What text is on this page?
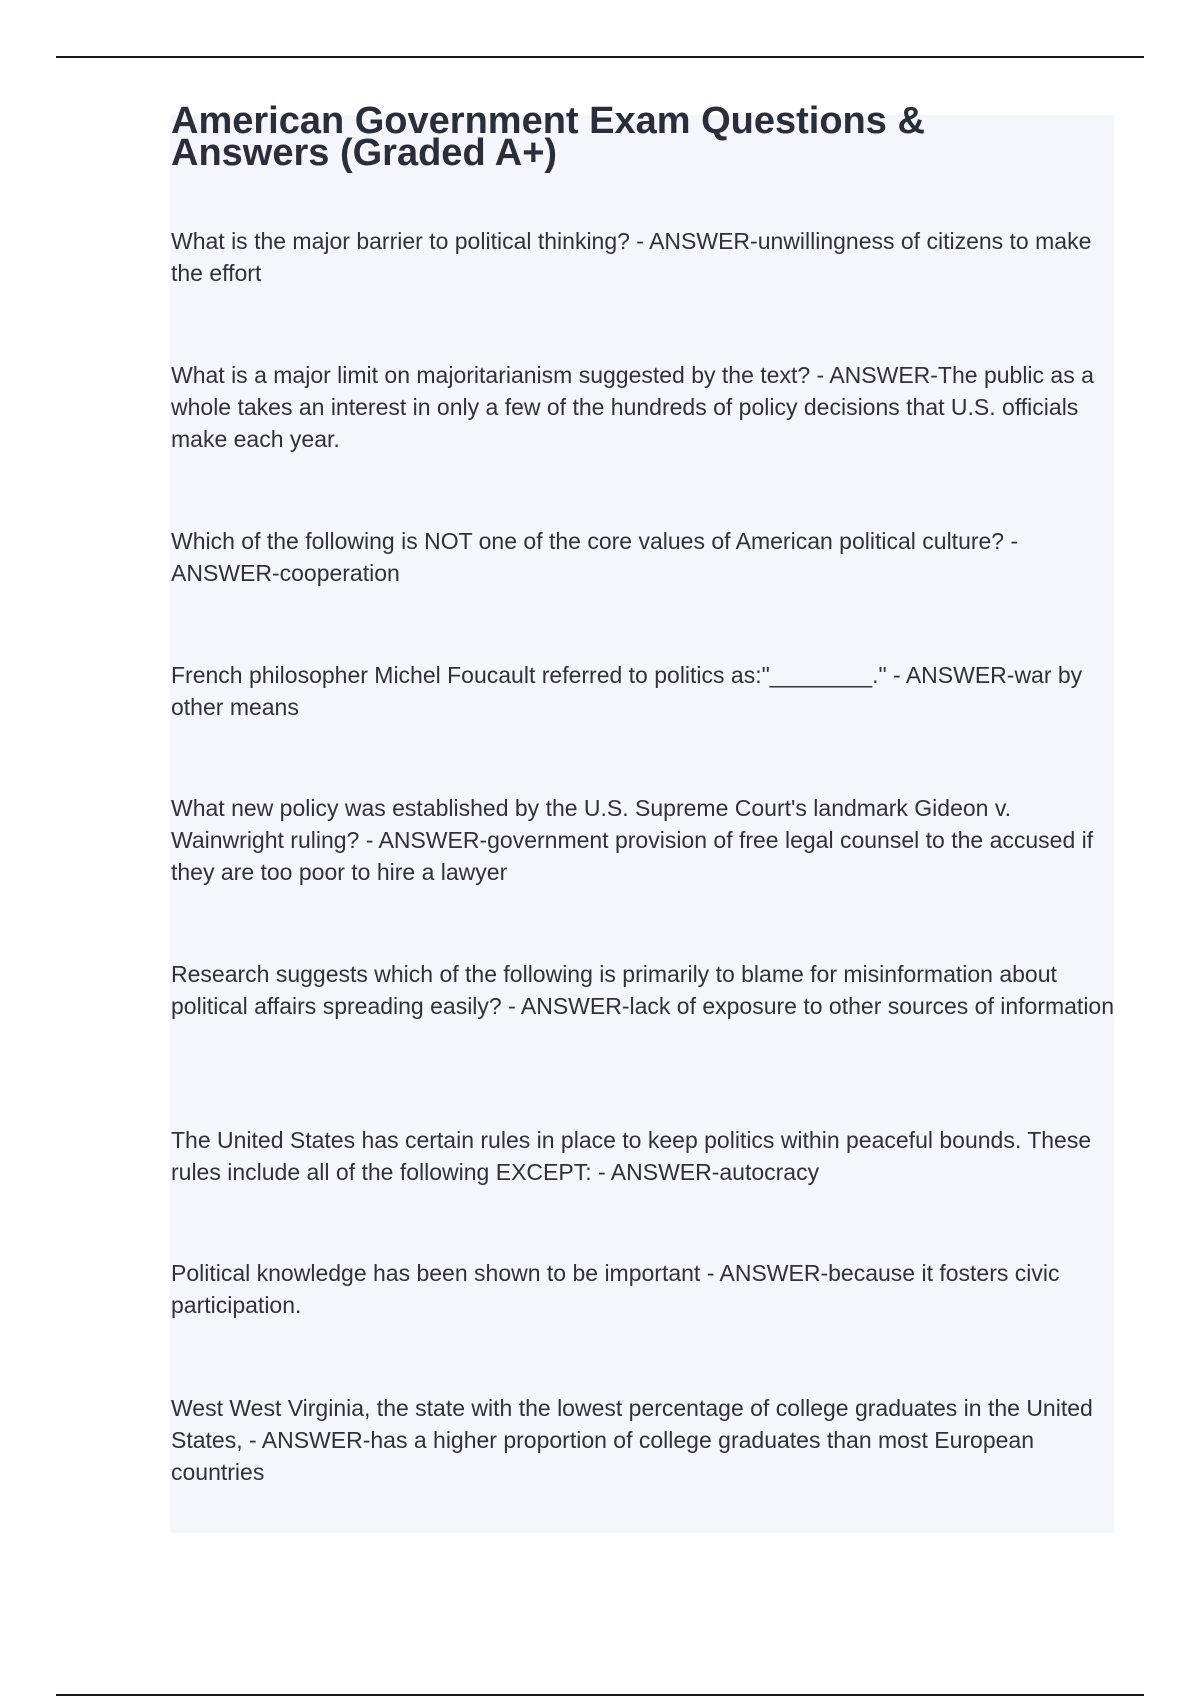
American Government Exam Questions & Answers (Graded A+)

What is the major barrier to political thinking? - ANSWER-unwillingness of citizens to make the effort

What is a major limit on majoritarianism suggested by the text? - ANSWER-The public as a whole takes an interest in only a few of the hundreds of policy decisions that U.S. officials make each year.

Which of the following is NOT one of the core values of American political culture? - ANSWER-cooperation

French philosopher Michel Foucault referred to politics as:"________." - ANSWER-war by other means

What new policy was established by the U.S. Supreme Court's landmark Gideon v. Wainwright ruling? - ANSWER-government provision of free legal counsel to the accused if they are too poor to hire a lawyer

Research suggests which of the following is primarily to blame for misinformation about political affairs spreading easily? - ANSWER-lack of exposure to other sources of information

The United States has certain rules in place to keep politics within peaceful bounds. These rules include all of the following EXCEPT: - ANSWER-autocracy

Political knowledge has been shown to be important - ANSWER-because it fosters civic participation.

West West Virginia, the state with the lowest percentage of college graduates in the United States, - ANSWER-has a higher proportion of college graduates than most European countries
